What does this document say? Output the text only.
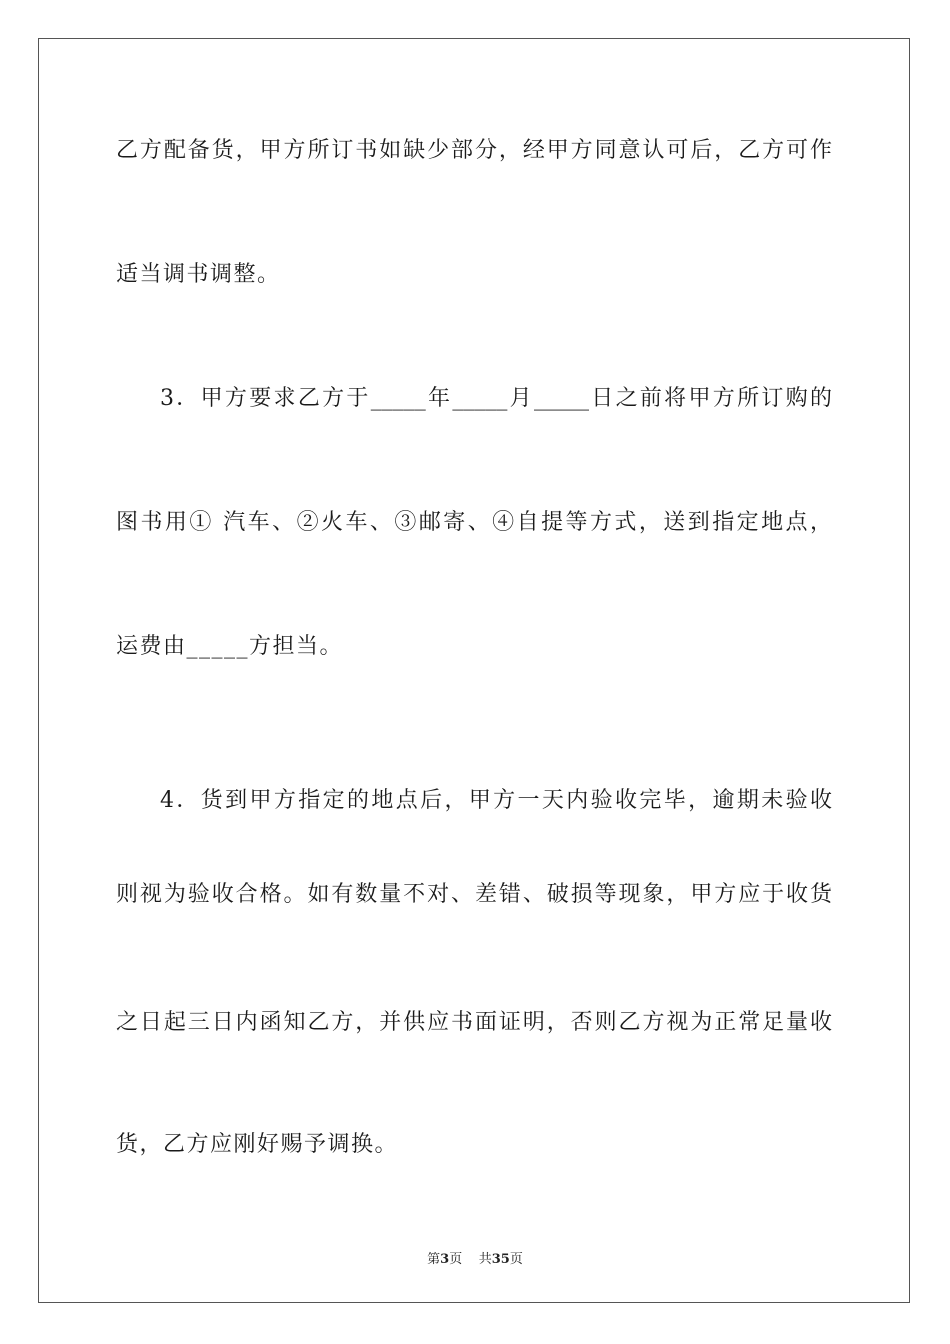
乙方配备货，甲方所订书如缺少部分，经甲方同意认可后，乙方可作
适当调书调整。
3．甲方要求乙方于_____年_____月_____日之前将甲方所订购的
图书用① 汽车、②火车、③邮寄、④自提等方式，送到指定地点，
运费由_____方担当。
4．货到甲方指定的地点后，甲方一天内验收完毕，逾期未验收
则视为验收合格。如有数量不对、差错、破损等现象，甲方应于收货
之日起三日内函知乙方，并供应书面证明，否则乙方视为正常足量收
货，乙方应刚好赐予调换。
第3页 共35页
